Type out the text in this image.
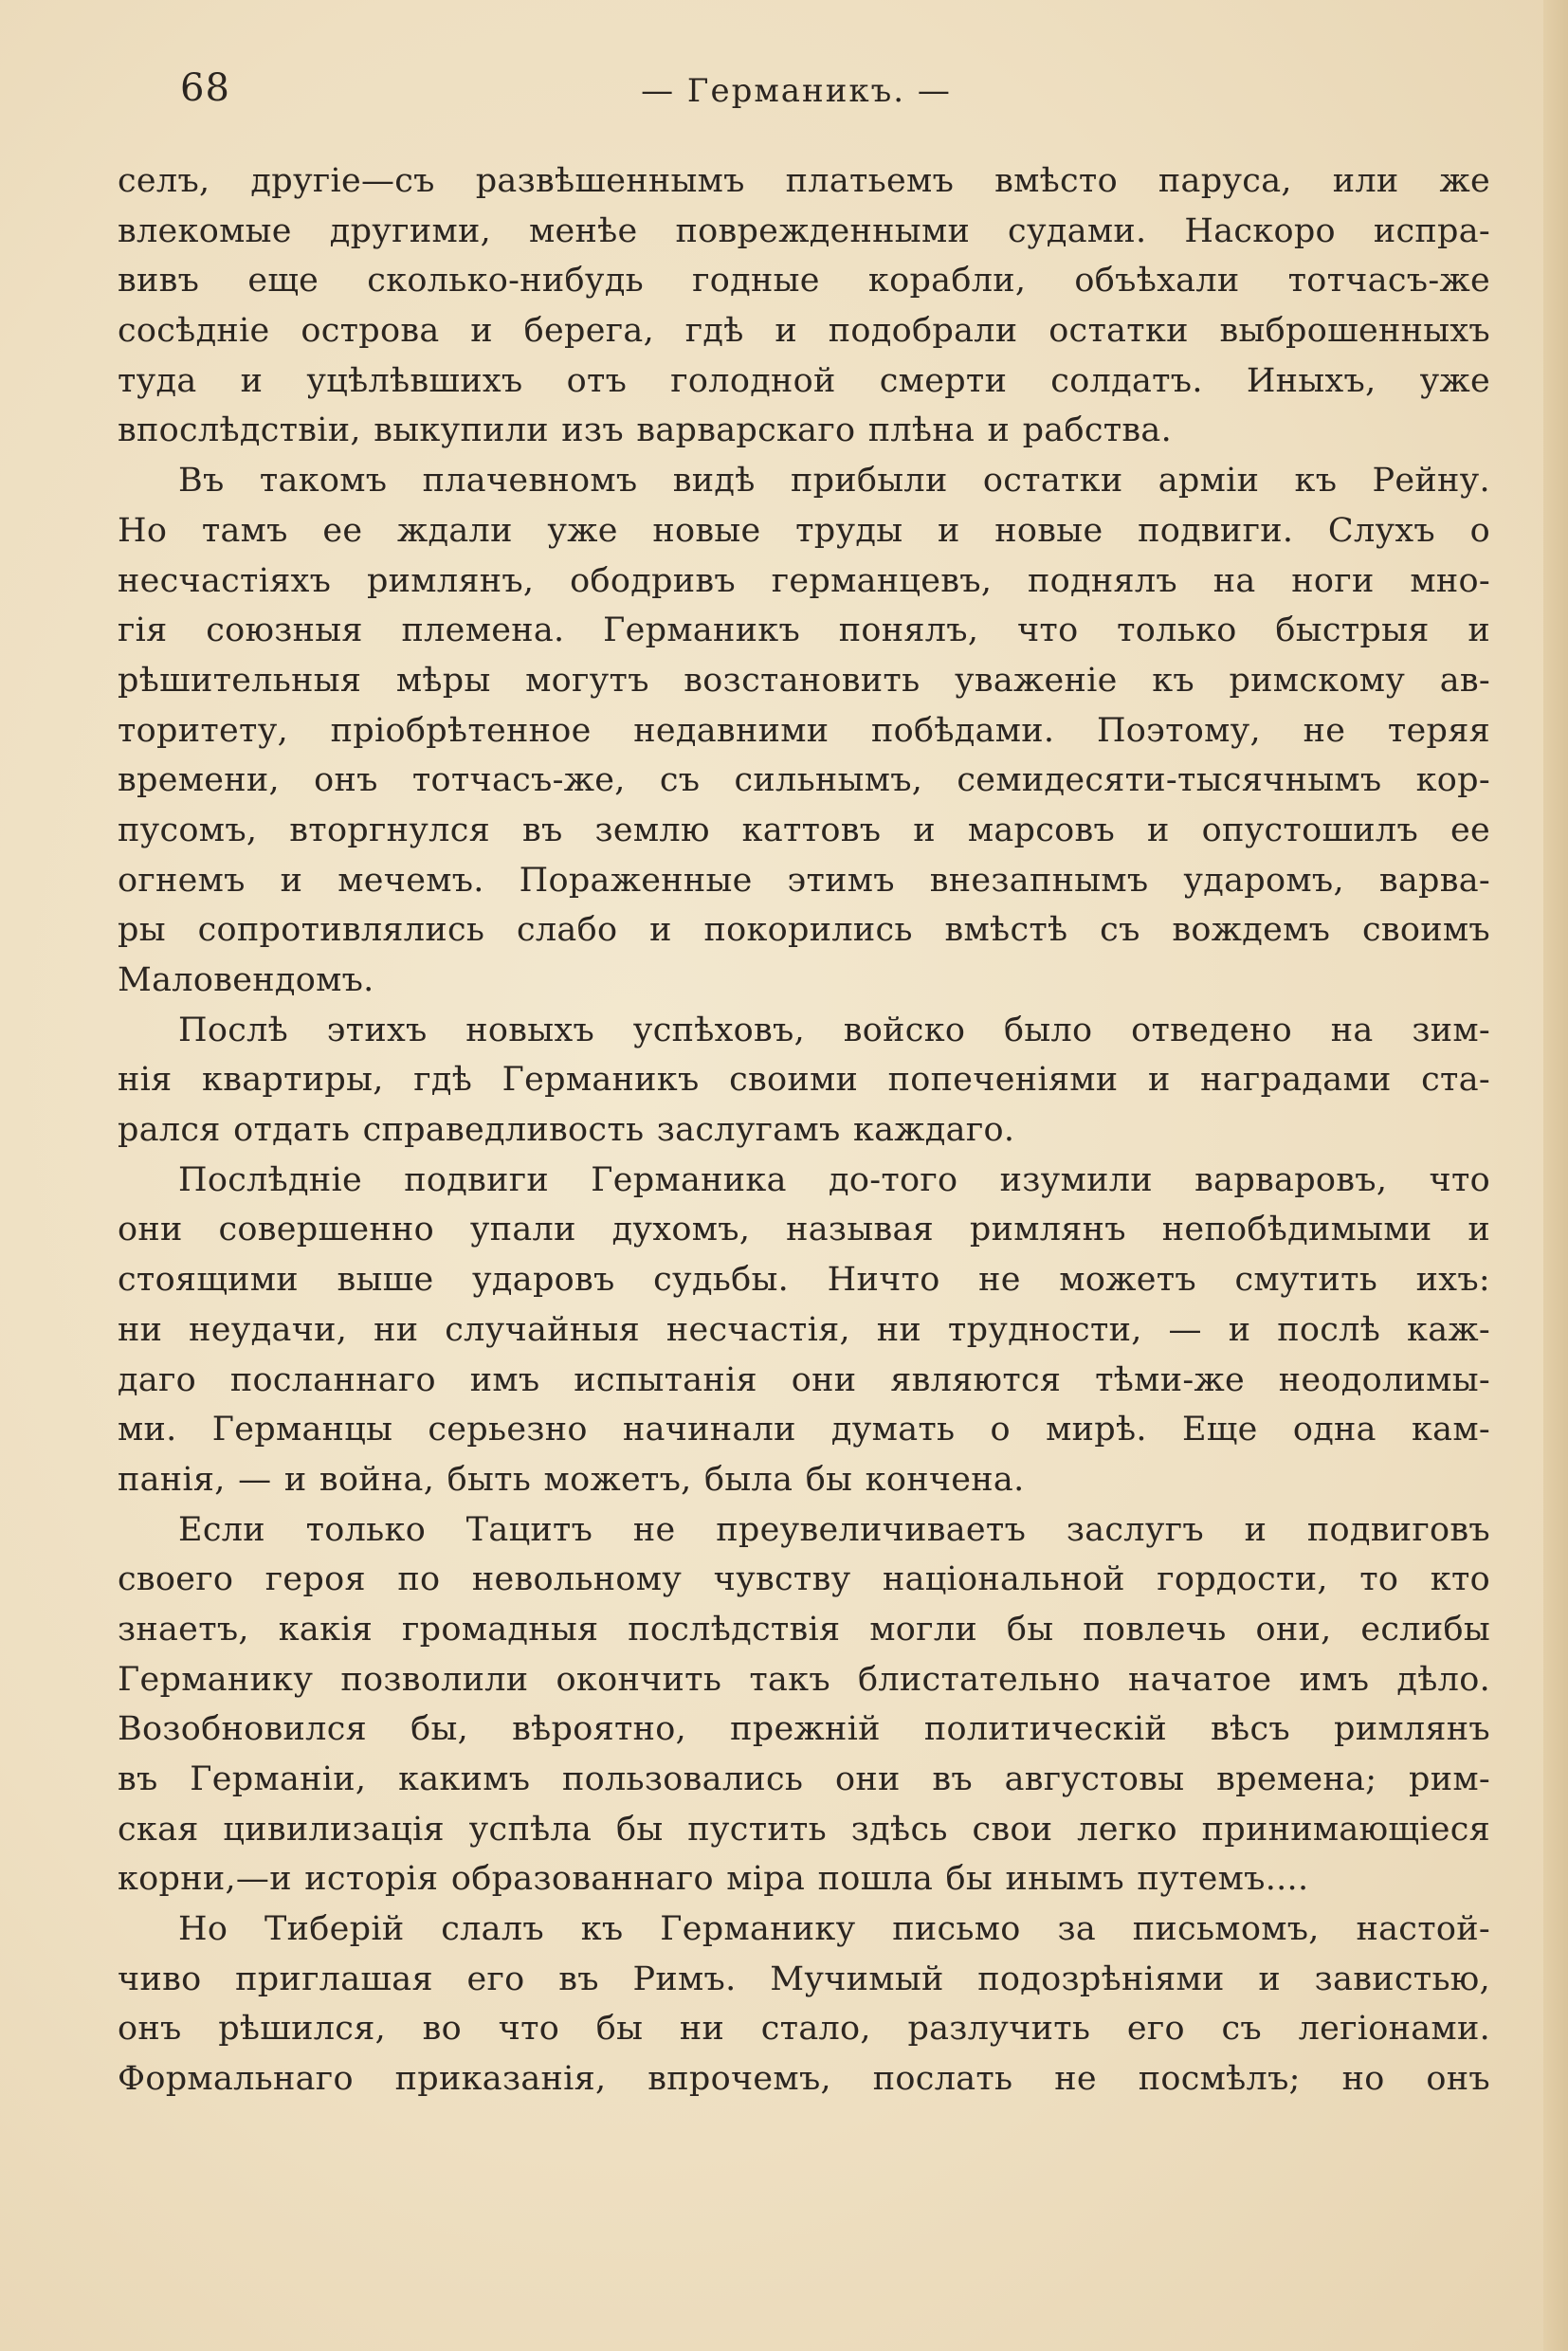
68	— Германикъ. —
селъ, другіе—съ развѣшеннымъ платьемъ вмѣсто паруса, или же
влекомые другими, менѣе поврежденными судами. Наскоро испра-
вивъ еще сколько-нибудь годные корабли, объѣхали тотчасъ-же
сосѣдніе острова и берега, гдѣ и подобрали остатки выброшенныхъ
туда и уцѣлѣвшихъ отъ голодной смерти солдатъ. Иныхъ, уже
впослѣдствіи, выкупили изъ варварскаго плѣна и рабства.
Въ такомъ плачевномъ видѣ прибыли остатки арміи къ Рейну.
Но тамъ ее ждали уже новые труды и новые подвиги. Слухъ о
несчастіяхъ римлянъ, ободривъ германцевъ, поднялъ на ноги мно-
гія союзныя племена. Германикъ понялъ, что только быстрыя и
рѣшительныя мѣры могутъ возстановить уваженіе къ римскому ав-
торитету, пріобрѣтенное недавними побѣдами. Поэтому, не теряя
времени, онъ тотчасъ-же, съ сильнымъ, семидесяти-тысячнымъ кор-
пусомъ, вторгнулся въ землю каттовъ и марсовъ и опустошилъ ее
огнемъ и мечемъ. Пораженные этимъ внезапнымъ ударомъ, варва-
ры сопротивлялись слабо и покорились вмѣстѣ съ вождемъ своимъ
Маловендомъ.
Послѣ этихъ новыхъ успѣховъ, войско было отведено на зим-
нія квартиры, гдѣ Германикъ своими попеченіями и наградами ста-
рался отдать справедливость заслугамъ каждаго.
Послѣдніе подвиги Германика до-того изумили варваровъ, что
они совершенно упали духомъ, называя римлянъ непобѣдимыми и
стоящими выше ударовъ судьбы. Ничто не можетъ смутить ихъ:
ни неудачи, ни случайныя несчастія, ни трудности, — и послѣ каж-
даго посланнаго имъ испытанія они являются тѣми-же неодолимы-
ми. Германцы серьезно начинали думать о мирѣ. Еще одна кам-
панія, — и война, быть можетъ, была бы кончена.
Если только Тацитъ не преувеличиваетъ заслугъ и подвиговъ
своего героя по невольному чувству національной гордости, то кто
знаетъ, какія громадныя послѣдствія могли бы повлечь они, еслибы
Германику позволили окончить такъ блистательно начатое имъ дѣло.
Возобновился бы, вѣроятно, прежній политическій вѣсъ римлянъ
въ Германіи, какимъ пользовались они въ августовы времена; рим-
ская цивилизація успѣла бы пустить здѣсь свои легко принимающіеся
корни,—и исторія образованнаго міра пошла бы инымъ путемъ....
Но Тиберій слалъ къ Германику письмо за письмомъ, настой-
чиво приглашая его въ Римъ. Мучимый подозрѣніями и завистью,
онъ рѣшился, во что бы ни стало, разлучить его съ легіонами.
Формальнаго приказанія, впрочемъ, послать не посмѣлъ; но онъ
